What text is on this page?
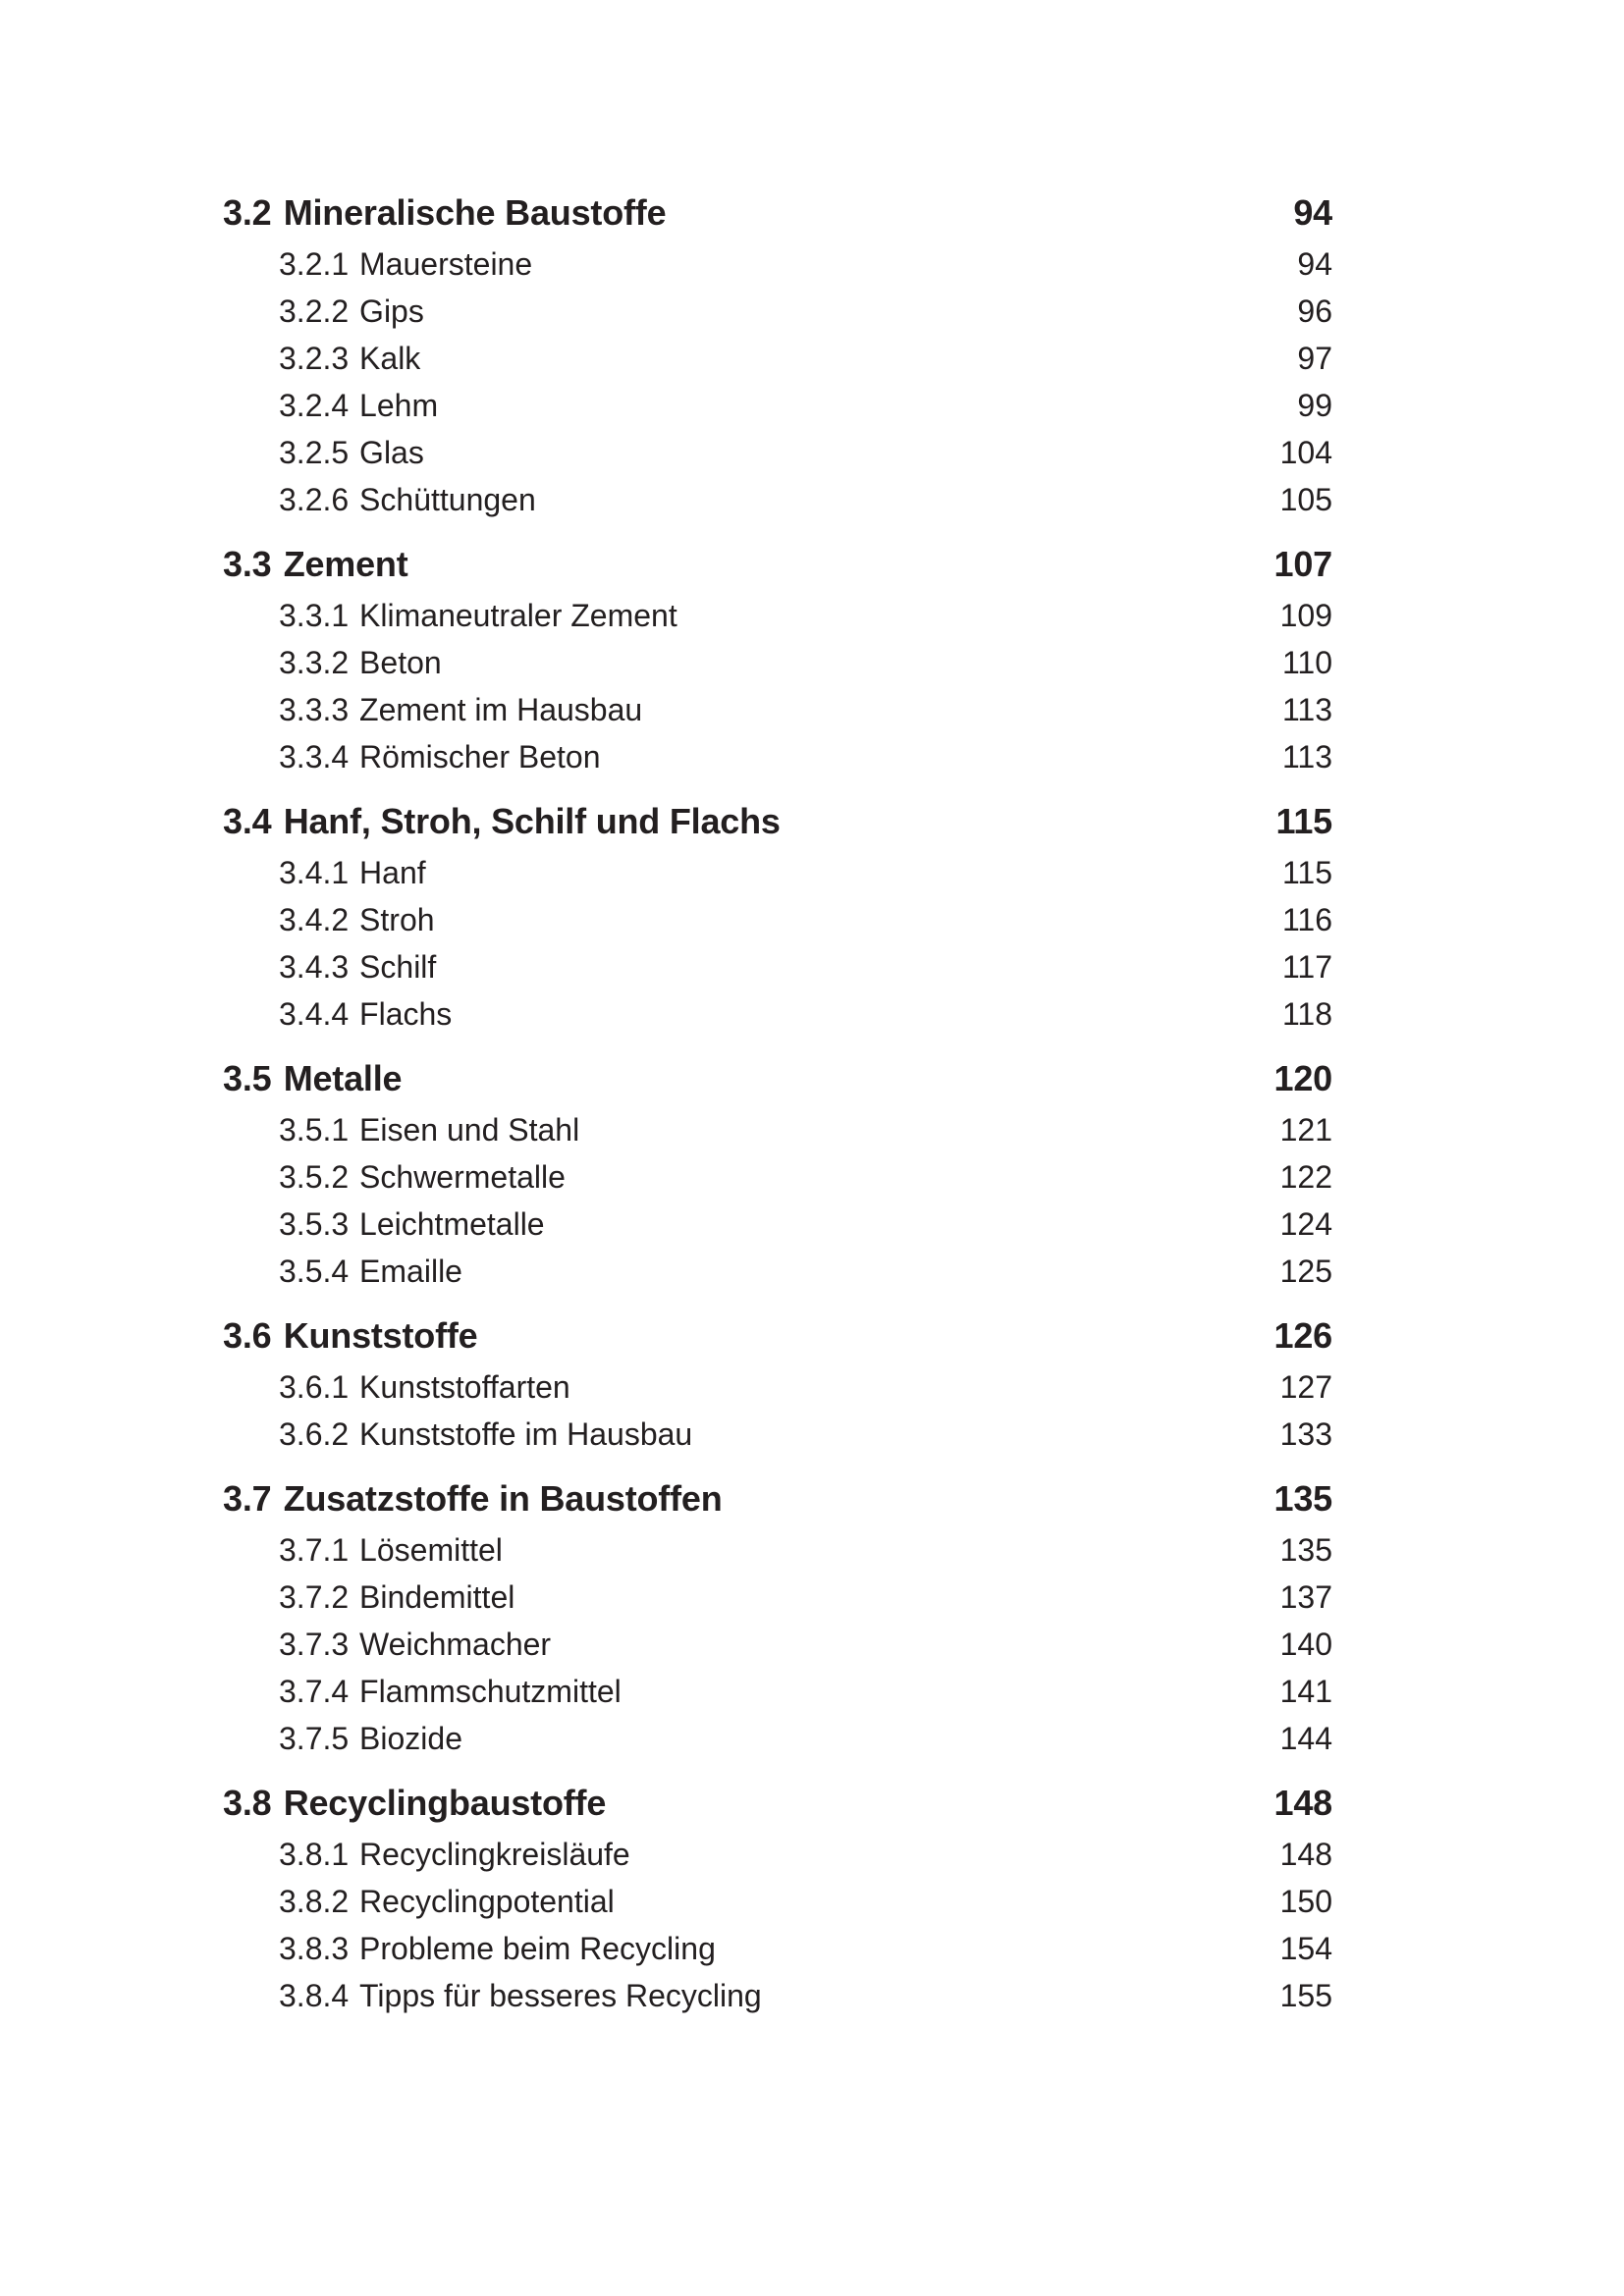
3.2 Mineralische Baustoffe	94
3.2.1 Mauersteine	94
3.2.2 Gips	96
3.2.3 Kalk	97
3.2.4 Lehm	99
3.2.5 Glas	104
3.2.6 Schüttungen	105
3.3 Zement	107
3.3.1 Klimaneutraler Zement	109
3.3.2 Beton	110
3.3.3 Zement im Hausbau	113
3.3.4 Römischer Beton	113
3.4 Hanf, Stroh, Schilf und Flachs	115
3.4.1 Hanf	115
3.4.2 Stroh	116
3.4.3 Schilf	117
3.4.4 Flachs	118
3.5 Metalle	120
3.5.1 Eisen und Stahl	121
3.5.2 Schwermetalle	122
3.5.3 Leichtmetalle	124
3.5.4 Emaille	125
3.6 Kunststoffe	126
3.6.1 Kunststoffarten	127
3.6.2 Kunststoffe im Hausbau	133
3.7 Zusatzstoffe in Baustoffen	135
3.7.1 Lösemittel	135
3.7.2 Bindemittel	137
3.7.3 Weichmacher	140
3.7.4 Flammschutzmittel	141
3.7.5 Biozide	144
3.8 Recyclingbaustoffe	148
3.8.1 Recyclingkreisläufe	148
3.8.2 Recyclingpotential	150
3.8.3 Probleme beim Recycling	154
3.8.4 Tipps für besseres Recycling	155
